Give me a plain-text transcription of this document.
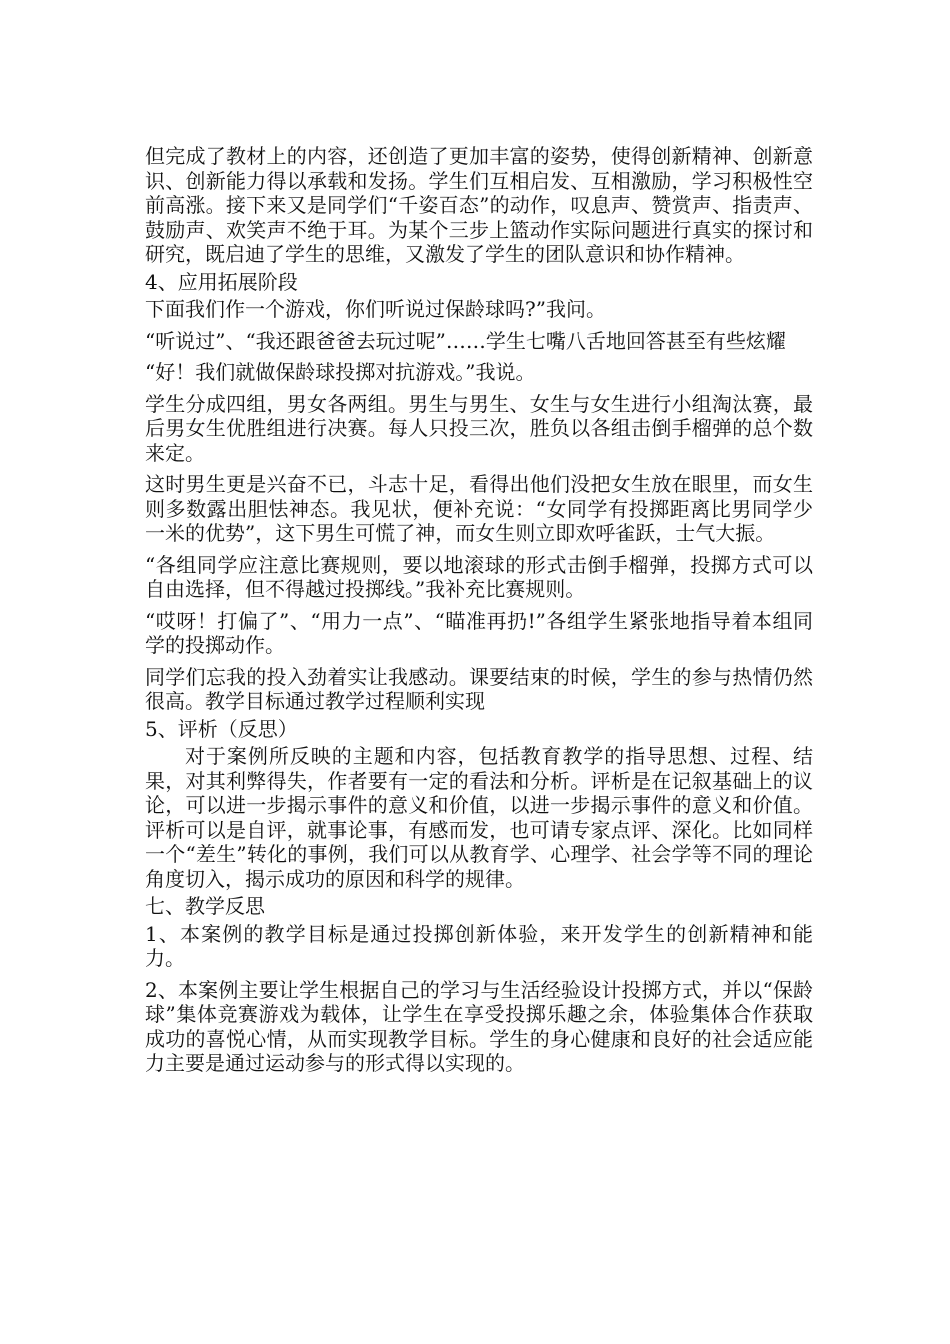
但完成了教材上的内容，还创造了更加丰富的姿势，使得创新精神、创新意识、创新能力得以承载和发扬。学生们互相启发、互相激励，学习积极性空前高涨。接下来又是同学们“千姿百态”的动作，叹息声、赞赏声、指责声、鼓励声、欢笑声不绝于耳。为某个三步上篮动作实际问题进行真实的探讨和研究，既启迪了学生的思维，又激发了学生的团队意识和协作精神。

4、应用拓展阶段

下面我们作一个游戏，你们听说过保龄球吗?”我问。

“听说过”、“我还跟爸爸去玩过呢”……学生七嘴八舌地回答甚至有些炫耀

“好！我们就做保龄球投掷对抗游戏。”我说。

学生分成四组，男女各两组。男生与男生、女生与女生进行小组淘汰赛，最后男女生优胜组进行决赛。每人只投三次，胜负以各组击倒手榴弹的总个数来定。

这时男生更是兴奋不已，斗志十足，看得出他们没把女生放在眼里，而女生则多数露出胆怯神态。我见状，便补充说：“女同学有投掷距离比男同学少一米的优势”，这下男生可慌了神，而女生则立即欢呼雀跃，士气大振。

“各组同学应注意比赛规则，要以地滚球的形式击倒手榴弹，投掷方式可以自由选择，但不得越过投掷线。”我补充比赛规则。

“哎呀！打偏了”、“用力一点”、“瞄准再扔!”各组学生紧张地指导着本组同学的投掷动作。

同学们忘我的投入劲着实让我感动。课要结束的时候，学生的参与热情仍然很高。教学目标通过教学过程顺利实现

5、评析（反思）

对于案例所反映的主题和内容，包括教育教学的指导思想、过程、结果，对其利弊得失，作者要有一定的看法和分析。评析是在记叙基础上的议论，可以进一步揭示事件的意义和价值，以进一步揭示事件的意义和价值。评析可以是自评，就事论事，有感而发，也可请专家点评、深化。比如同样一个“差生”转化的事例，我们可以从教育学、心理学、社会学等不同的理论角度切入，揭示成功的原因和科学的规律。

七、教学反思

1、本案例的教学目标是通过投掷创新体验，来开发学生的创新精神和能力。

2、本案例主要让学生根据自己的学习与生活经验设计投掷方式，并以“保龄球”集体竞赛游戏为载体，让学生在享受投掷乐趣之余，体验集体合作获取成功的喜悦心情，从而实现教学目标。学生的身心健康和良好的社会适应能力主要是通过运动参与的形式得以实现的。
